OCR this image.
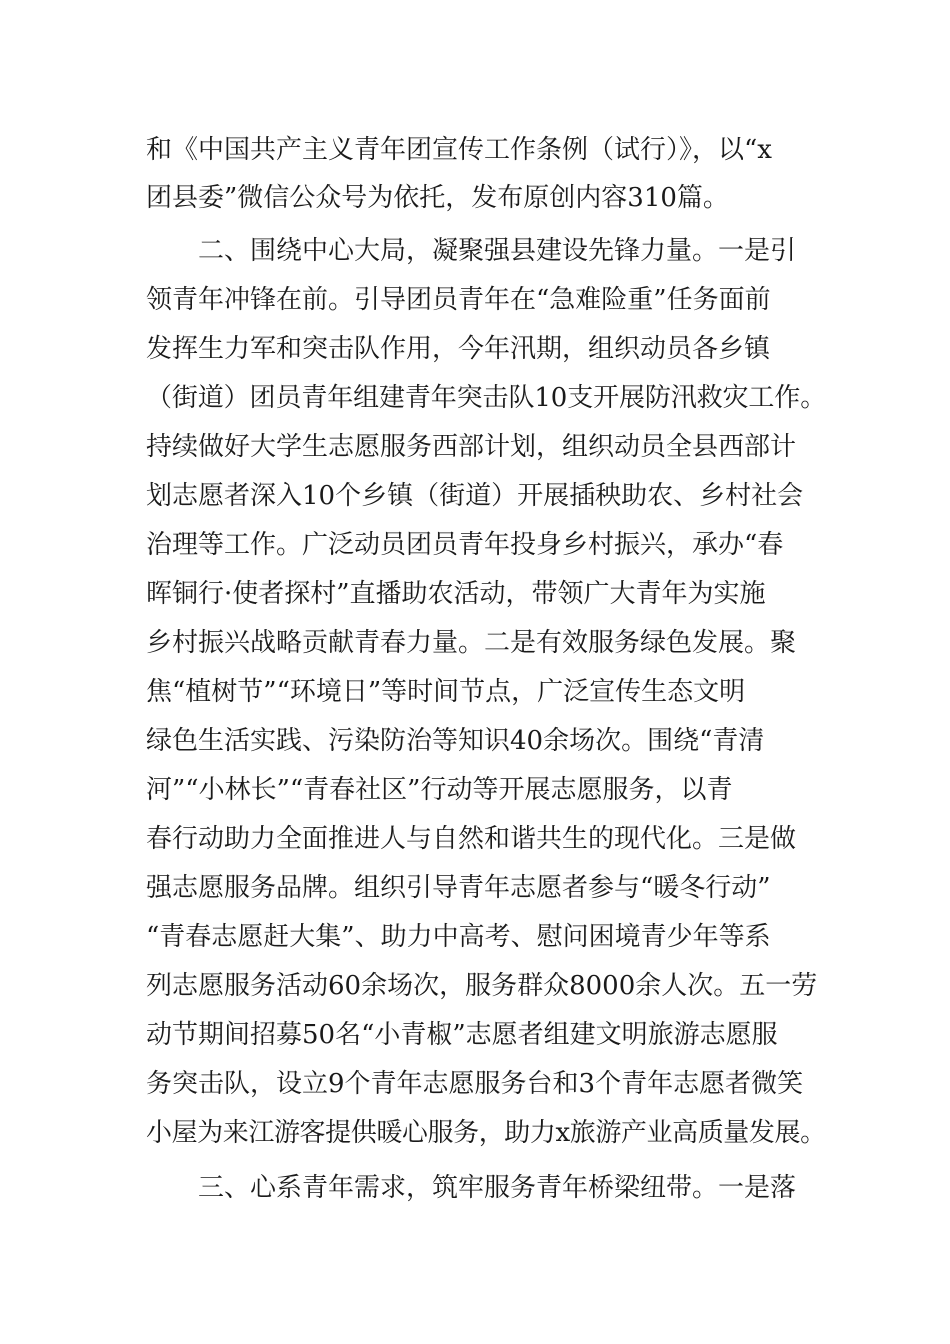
和《中国共产主义青年团宣传工作条例（试行）》，以“x
团县委”微信公众号为依托，发布原创内容310篇。
二、围绕中心大局，凝聚强县建设先锋力量。一是引
领青年冲锋在前。引导团员青年在“急难险重”任务面前
发挥生力军和突击队作用，今年汛期，组织动员各乡镇
（街道）团员青年组建青年突击队10支开展防汛救灾工作。
持续做好大学生志愿服务西部计划，组织动员全县西部计
划志愿者深入10个乡镇（街道）开展插秧助农、乡村社会
治理等工作。广泛动员团员青年投身乡村振兴，承办“春
晖铜行·使者探村”直播助农活动，带领广大青年为实施
乡村振兴战略贡献青春力量。二是有效服务绿色发展。聚
焦“植树节”“环境日”等时间节点，广泛宣传生态文明
绿色生活实践、污染防治等知识40余场次。围绕“青清
河”“小林长”“青春社区”行动等开展志愿服务，以青
春行动助力全面推进人与自然和谐共生的现代化。三是做
强志愿服务品牌。组织引导青年志愿者参与“暖冬行动”
“青春志愿赶大集”、助力中高考、慰问困境青少年等系
列志愿服务活动60余场次，服务群众8000余人次。五一劳
动节期间招募50名“小青椒”志愿者组建文明旅游志愿服
务突击队，设立9个青年志愿服务台和3个青年志愿者微笑
小屋为来江游客提供暖心服务，助力x旅游产业高质量发展。
三、心系青年需求，筑牢服务青年桥梁纽带。一是落
